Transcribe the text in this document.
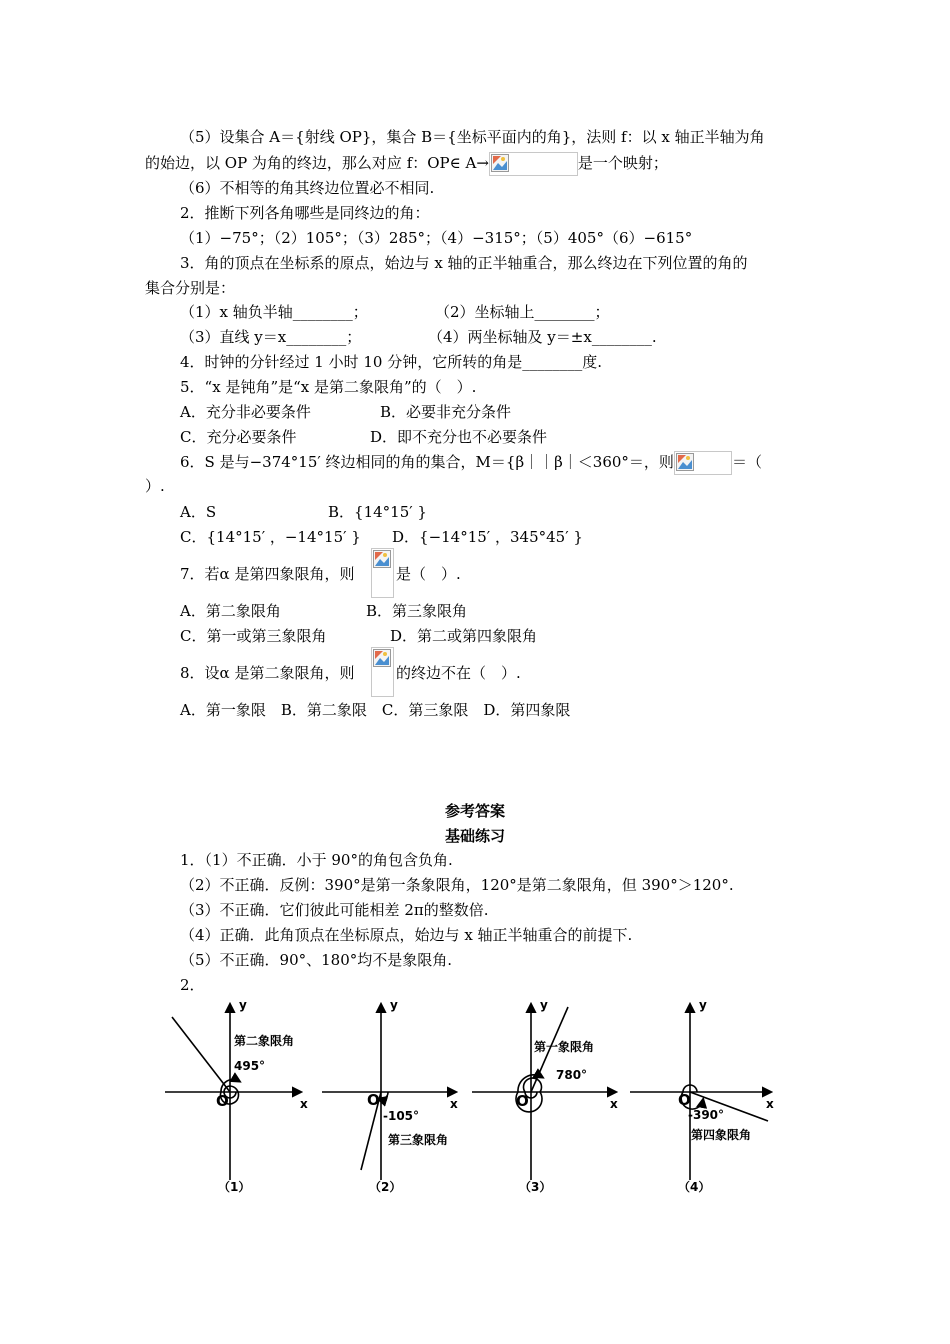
（5）设集合 A＝{射线 OP}，集合 B＝{坐标平面内的角}，法则 f：以 x 轴正半轴为角
的始边，以 OP 为角的终边，那么对应 f：OP∈ A→	是一个映射；
（6）不相等的角其终边位置必不相同.
2．推断下列各角哪些是同终边的角：
（1）−75°；（2）105°；（3）285°；（4）−315°；（5）405°（6）−615°
3．角的顶点在坐标系的原点，始边与 x 轴的正半轴重合，那么终边在下列位置的角的
集合分别是：
（1）x 轴负半轴________；	（2）坐标轴上________；
（3）直线 y＝x________；	（4）两坐标轴及 y＝±x________.
4．时钟的分针经过 1 小时 10 分钟，它所转的角是________度.
5．“x 是钝角”是“x 是第二象限角”的（　）.
A．充分非必要条件	B．必要非充分条件
C．充分必要条件	D．即不充分也不必要条件
6．S 是与−374°15′ 终边相同的角的集合，M＝{β｜｜β｜＜360°＝，则	＝（
）.
A．S	B．{14°15′ }
C．{14°15′ ，−14°15′ } D．{−14°15′ ，345°45′ }
7．若α 是第四象限角，则	是（　）.
A．第二象限角	B．第三象限角
C．第一或第三象限角	D．第二或第四象限角
8．设α 是第二象限角，则	的终边不在（　）.
A．第一象限　B．第二象限　C．第三象限　D．第四象限
参考答案
基础练习
1．（1）不正确．小于 90°的角包含负角.
（2）不正确．反例：390°是第一条象限角，120°是第二象限角，但 390°＞120°.
（3）不正确．它们彼此可能相差 2π的整数倍.
（4）正确．此角顶点在坐标原点，始边与 x 轴正半轴重合的前提下.
（5）不正确．90°、180°均不是象限角.
2．
y
x
O
第二象限角
495°
（1）
y
x
O
-105°
第三象限角
（2）
y
x
O
第一象限角
780°
（3）
y
x
O
-390°
第四象限角
（4）
